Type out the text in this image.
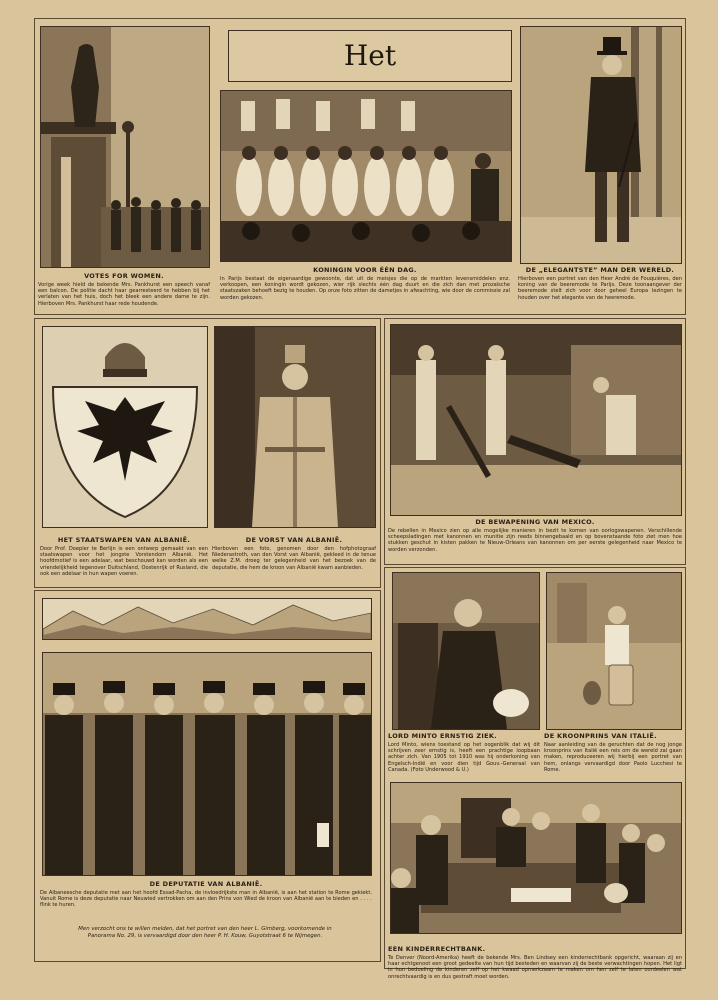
Het
VOTES FOR WOMEN.
Vorige week hield de bekende Mrs. Pankhurst een speech vanaf een balcon. De politie dacht haar gearresteerd te hebben bij het verlaten van het huis, doch het bleek een andere dame te zijn. Hierboven Mrs. Pankhurst haar rede houdende.
KONINGIN VOOR ÉÉN DAG.
In Parijs bestaat de eigenaardige gewoonte, dat uit de meisjes die op de markten levensmiddelen enz. verkoopen, een koningin wordt gekozen, wier rijk slechts één dag duurt en die zich dan met prozaïsche staatszaken behoeft bezig te houden. Op onze foto zitten de dametjes in afwachting, wie door de commissie zal worden gekozen.
DE „ELEGANTSTE” MAN DER WERELD.
Hierboven een portret van den Heer André de Fouquières, den koning van de beeremode te Parijs. Deze toonaangever der beeremode stelt zich voor door geheel Europa lezingen te houden over het elegante van de heeremode.
HET STAATSWAPEN VAN ALBANIË.
Door Prof. Doepler te Berlijn is een ontwerp gemaakt van een staatswapen voor het jongste Vorstendom Albanië. Het hoofdmotief is een adelaar, wat beschouwd kan worden als een vriendelijkheid tegenover Duitschland, Oostenrijk of Rusland, die ook een adelaar in hun wapen voeren.
DE VORST VAN ALBANIË.
Hierboven een foto, genomen door den hofphotograaf Niederastroth, van den Vorst van Albanië, gekleed in de tenue welke Z.M. droeg ter gelegenheid van het bezoek van de deputatie, die hem de kroon van Albanië kwam aanbieden.
DE BEWAPENING VAN MEXICO.
De rebellen in Mexico zien op alle mogelijke manieren in bezit te komen van oorlogswapenen. Verschillende scheepsladingen met kanonnen en munitie zijn reeds binnengebaald en op bovenstaande foto ziet men hoe stukken geschut in kisten pakken te Nieuw-Orleans van kanonnen om per eerste gelegenheid naar Mexico te worden verzonden.
DE DEPUTATIE VAN ALBANIË.
De Albaneesche deputatie met aan het hoofd Essad-Pacha, de invloedrijkste man in Albanië, is aan het station te Rome gekiekt. Vanuit Rome is deze deputatie naar Neuwied vertrokken om aan den Prins von Wied de kroon van Albanië aan te bieden en . . . . flink te huren.
Men verzocht ons te willen melden, dat het portret van den heer L. Gimberg, voorkomende in Panorama No. 29, is vervaardigd door den heer P. H. Kouw, Guyotstraat 6 te Nijmegen.
LORD MINTO ERNSTIG ZIEK.
Lord Minto, wiens toestand op het oogenblik dat wij dit schrijven zeer ernstig is, heeft een prachtige loopbaan achter zich. Van 1905 tot 1910 was hij onderkoning van Engelsch-Indië en voor dien tijd Gouv.-Generaal van Canada. (Foto Underwood & U.)
DE KROONPRINS VAN ITALIË.
Naar aanleiding van de geruchten dat de nog jonge kroonprins van Italië een reis om de wereld zal gaan maken, reproduceeren wij hierbij een portret van hem, onlangs vervaardigd door Paolo Lucchesi te Rome.
EEN KINDERRECHTBANK.
Te Denver (Noord-Amerika) heeft de bekende Mrs. Ben Lindsey een kinderrechtbank opgericht, waaraan zij en haar echtgenoot een groot gedeelte van hun tijd besteden en waarvan zij de beste verwachtingen hopen. Het ligt in hun bedoeling de kinderen zelf op het kwaad opmerkzaam te maken om hen zelf te laten oordeelen wat onrechtvaardig is en dus gestraft moet worden.
